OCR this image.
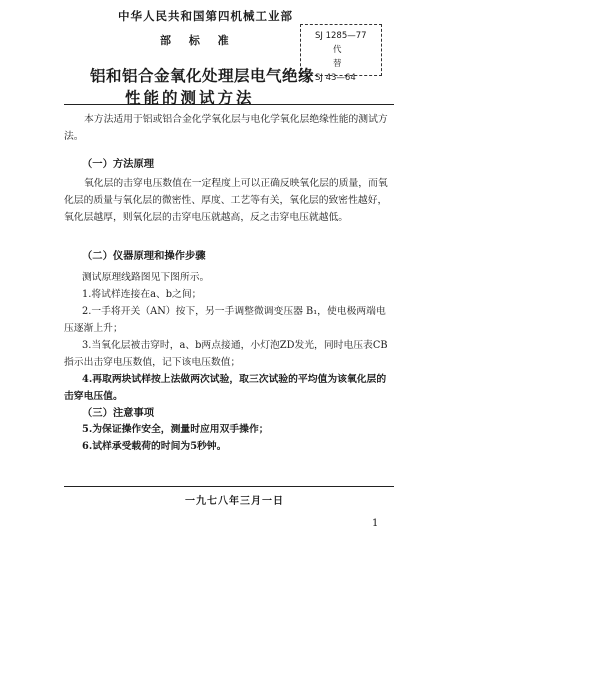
中华人民共和国第四机械工业部
部 标 准	SJ 1285—77
代 替
SJ 43—64
铝和铝合金氧化处理层电气绝缘
性能的测试方法
本方法适用于铝或铝合金化学氧化层与电化学氧化层绝缘性能的测试方法。
（一）方法原理
氧化层的击穿电压数值在一定程度上可以正确反映氧化层的质量，而氧化层的质量与氧化层的微密性、厚度、工艺等有关，氧化层的致密性越好，氧化层越厚，则氧化层的击穿电压就越高，反之击穿电压就越低。
（二）仪器原理和操作步骤
测试原理线路图见下图所示。
1.将试样连接在a、b之间；
2.一手将开关（AN）按下，另一手调整微调变压器 B₁，使电极两端电压逐渐上升；
3.当氧化层被击穿时，a、b两点接通，小灯泡ZD发光，同时电压表CB指示出击穿电压数值，记下该电压数值；
4.再取两块试样按上法做两次试验，取三次试验的平均值为该氧化层的击穿电压值。
（三）注意事项
5.为保证操作安全，测量时应用双手操作；
6.试样承受载荷的时间为5秒钟。
一九七八年三月一日
1
